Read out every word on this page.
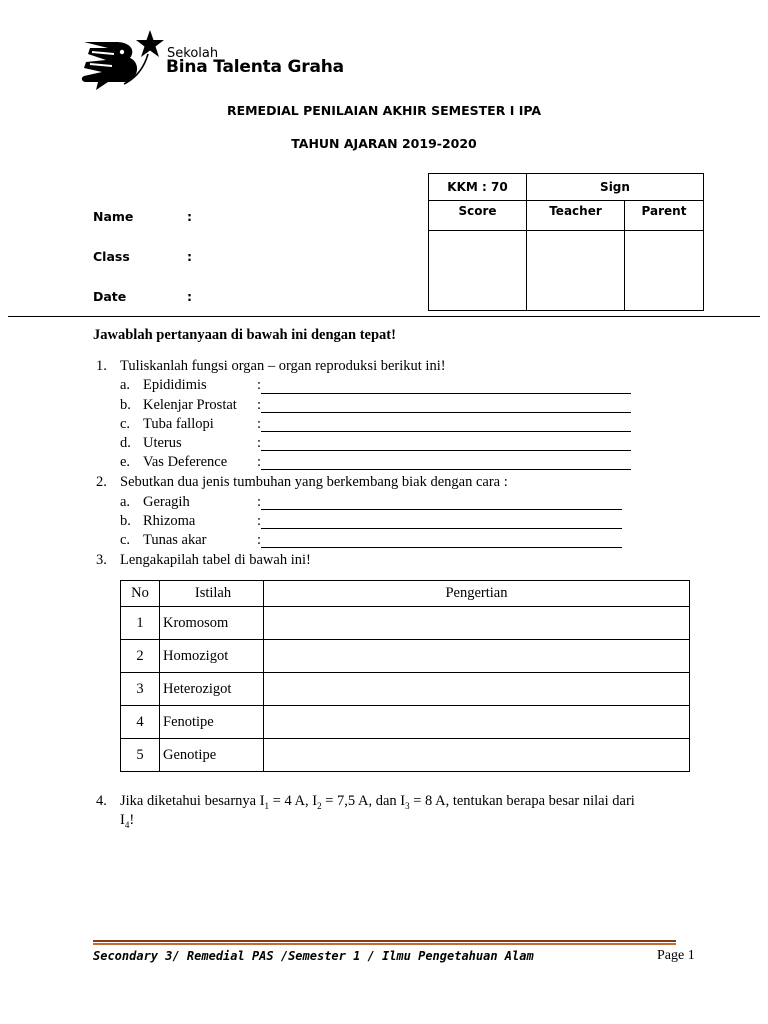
Sekolah
Bina Talenta Graha
REMEDIAL PENILAIAN AKHIR SEMESTER I IPA
TAHUN AJARAN 2019-2020
KKM : 70	Sign	
Score	Teacher	Parent

Name	:
Class	:
Date	:
Jawablah pertanyaan di bawah ini dengan tepat!
1. Tuliskanlah fungsi organ – organ reproduksi berikut ini!
a. Epididimis	:
b. Kelenjar Prostat :
c. Tuba fallopi	:
d. Uterus	:
e. Vas Deference :
2. Sebutkan dua jenis tumbuhan yang berkembang biak dengan cara :
a. Geragih	:
b. Rhizoma	:
c. Tunas akar	:
3. Lengakapilah tabel di bawah ini!
No	Istilah	Pengertian
1	Kromosom	
2	Homozigot	
3	Heterozigot	
4	Fenotipe	
5	Genotipe	
4. Jika diketahui besarnya $I_1 = 4$ A, $I_2 = 7,5$ A, dan $I_3 = 8$ A, tentukan berapa besar nilai dari
$I_4$!
Secondary 3/ Remedial PAS /Semester 1 / Ilmu Pengetahuan Alam	Page 1
